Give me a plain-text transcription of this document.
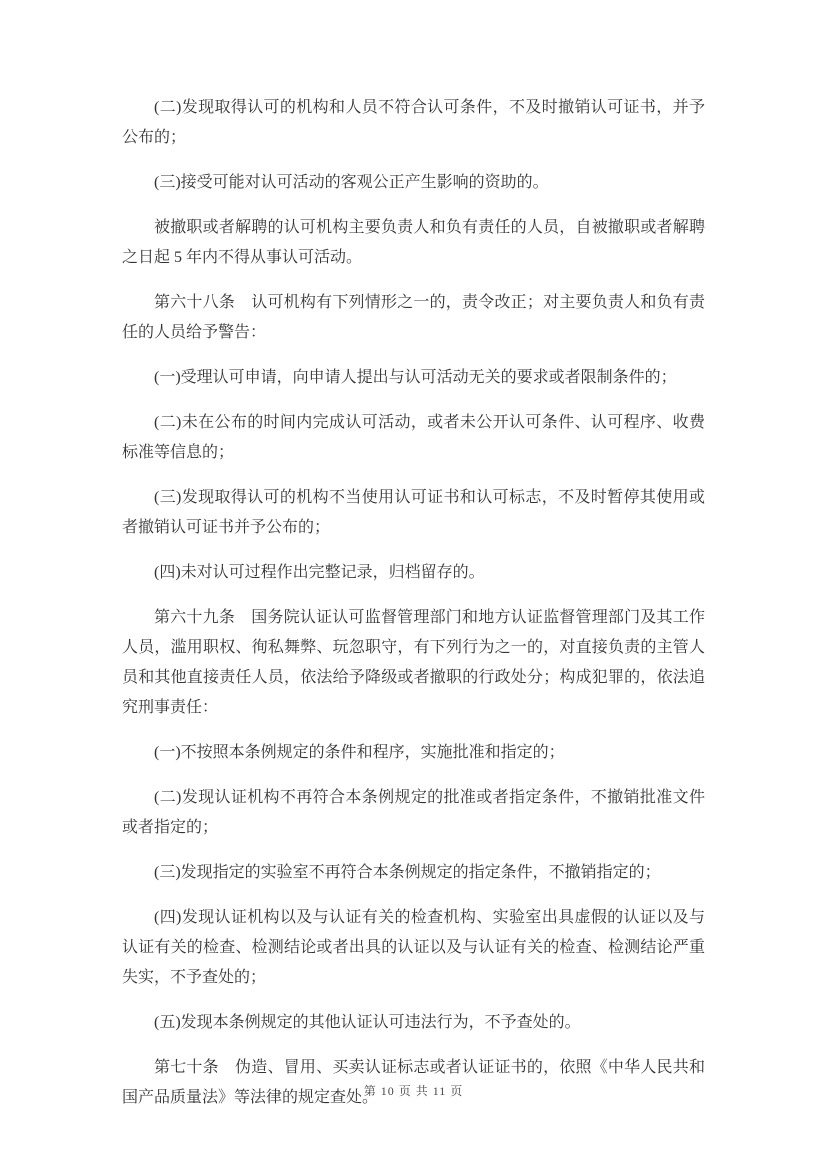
(二)发现取得认可的机构和人员不符合认可条件，不及时撤销认可证书，并予公布的；

(三)接受可能对认可活动的客观公正产生影响的资助的。

被撤职或者解聘的认可机构主要负责人和负有责任的人员，自被撤职或者解聘之日起 5 年内不得从事认可活动。

第六十八条　认可机构有下列情形之一的，责令改正；对主要负责人和负有责任的人员给予警告：

(一)受理认可申请，向申请人提出与认可活动无关的要求或者限制条件的；

(二)未在公布的时间内完成认可活动，或者未公开认可条件、认可程序、收费标准等信息的；

(三)发现取得认可的机构不当使用认可证书和认可标志，不及时暂停其使用或者撤销认可证书并予公布的；

(四)未对认可过程作出完整记录，归档留存的。

第六十九条　国务院认证认可监督管理部门和地方认证监督管理部门及其工作人员，滥用职权、徇私舞弊、玩忽职守，有下列行为之一的，对直接负责的主管人员和其他直接责任人员，依法给予降级或者撤职的行政处分；构成犯罪的，依法追究刑事责任：

(一)不按照本条例规定的条件和程序，实施批准和指定的；

(二)发现认证机构不再符合本条例规定的批准或者指定条件，不撤销批准文件或者指定的；

(三)发现指定的实验室不再符合本条例规定的指定条件，不撤销指定的；

(四)发现认证机构以及与认证有关的检查机构、实验室出具虚假的认证以及与认证有关的检查、检测结论或者出具的认证以及与认证有关的检查、检测结论严重失实，不予查处的；

(五)发现本条例规定的其他认证认可违法行为，不予查处的。

第七十条　伪造、冒用、买卖认证标志或者认证证书的，依照《中华人民共和国产品质量法》等法律的规定查处。

第 10 页 共 11 页
